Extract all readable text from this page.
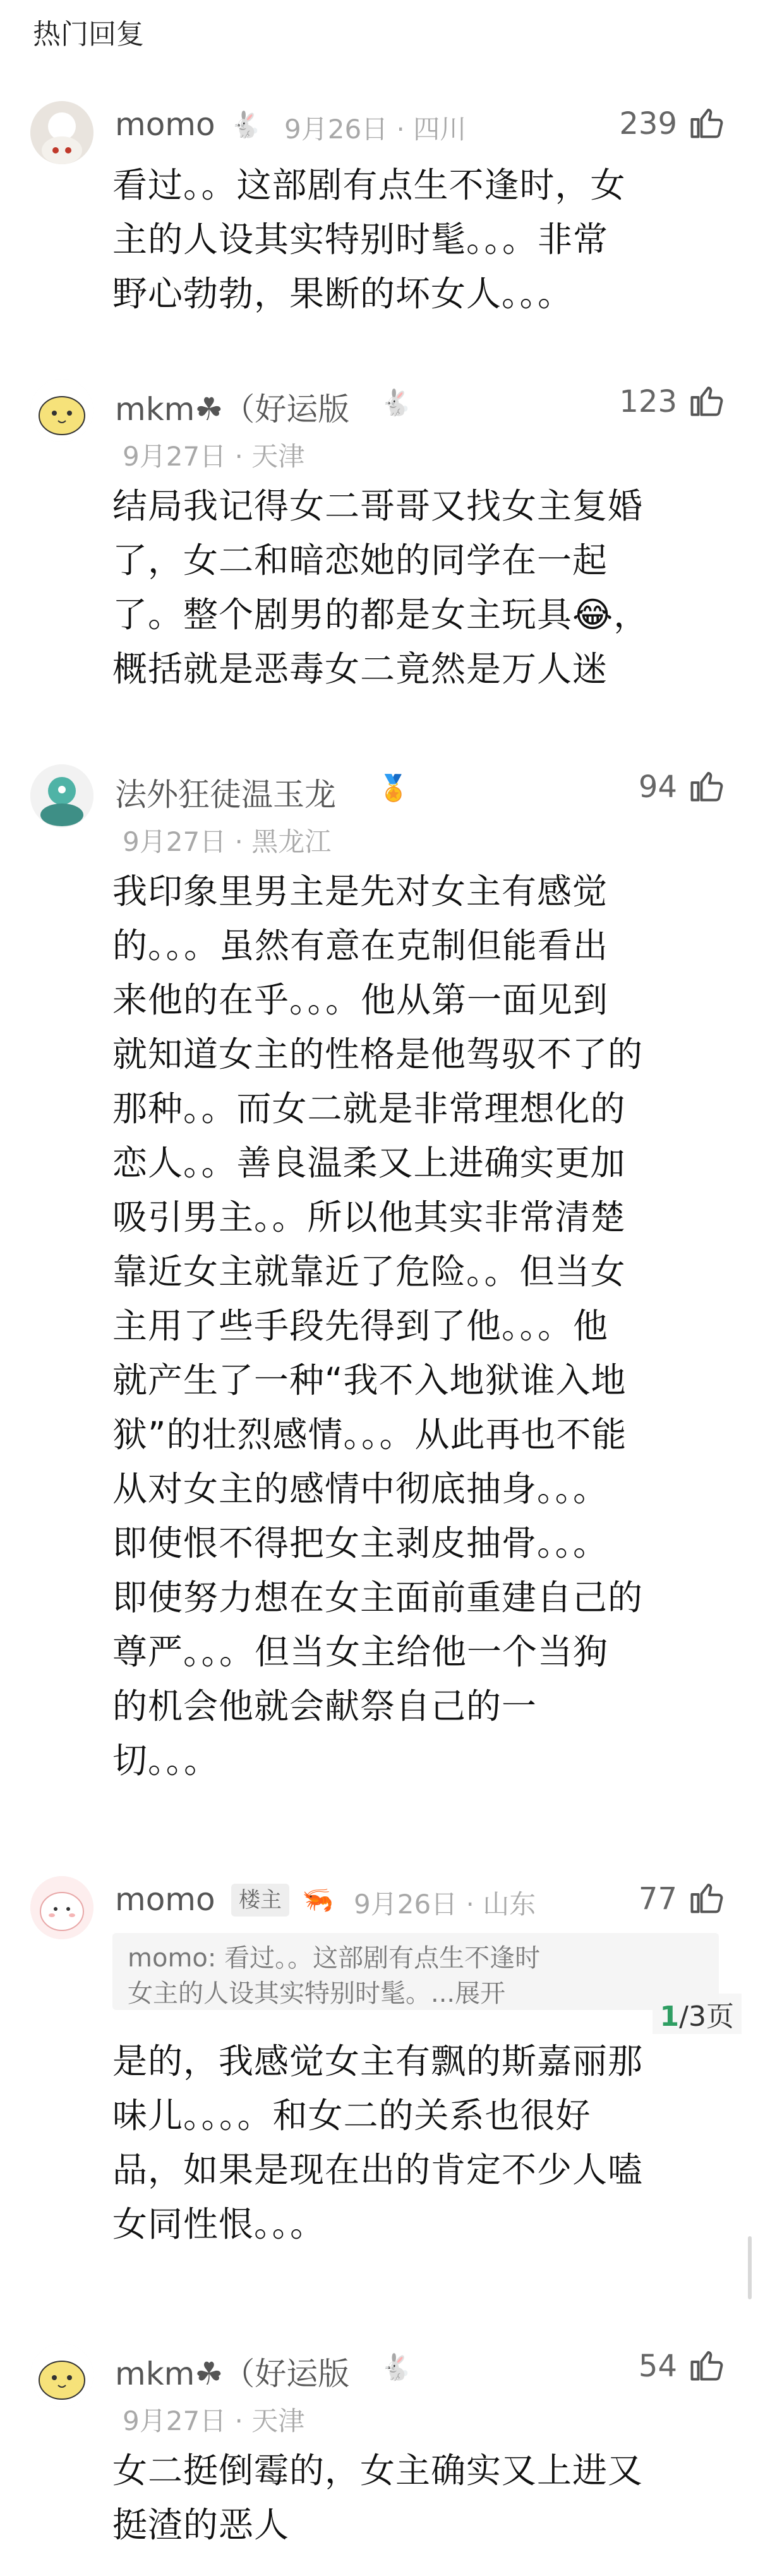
热门回复
momo 🐇 9月26日 · 四川	239
看过。。这部剧有点生不逢时，女
主的人设其实特别时髦。。。非常
野心勃勃，果断的坏女人。。。
mkm☘（好运版 🐇
9月27日 · 天津
123
结局我记得女二哥哥又找女主复婚
了，女二和暗恋她的同学在一起
了。整个剧男的都是女主玩具😂，
概括就是恶毒女二竟然是万人迷
法外狂徒温玉龙 🏅
9月27日 · 黑龙江
94
我印象里男主是先对女主有感觉
的。。。虽然有意在克制但能看出
来他的在乎。。。他从第一面见到
就知道女主的性格是他驾驭不了的
那种。。而女二就是非常理想化的
恋人。。善良温柔又上进确实更加
吸引男主。。所以他其实非常清楚
靠近女主就靠近了危险。。但当女
主用了些手段先得到了他。。。他
就产生了一种“我不入地狱谁入地
狱”的壮烈感情。。。从此再也不能
从对女主的感情中彻底抽身。。。
即使恨不得把女主剥皮抽骨。。。
即使努力想在女主面前重建自己的
尊严。。。但当女主给他一个当狗
的机会他就会献祭自己的一
切。。。
momo	楼主 🦐 9月26日 · 山东	77
momo: 看过。。这部剧有点生不逢时
女主的人设其实特别时髦。...展开
1/3页
是的，我感觉女主有飘的斯嘉丽那
味儿。。。。和女二的关系也很好
品，如果是现在出的肯定不少人嗑
女同性恨。。。
mkm☘（好运版 🐇
9月27日 · 天津
54
女二挺倒霉的，女主确实又上进又
挺渣的恶人
